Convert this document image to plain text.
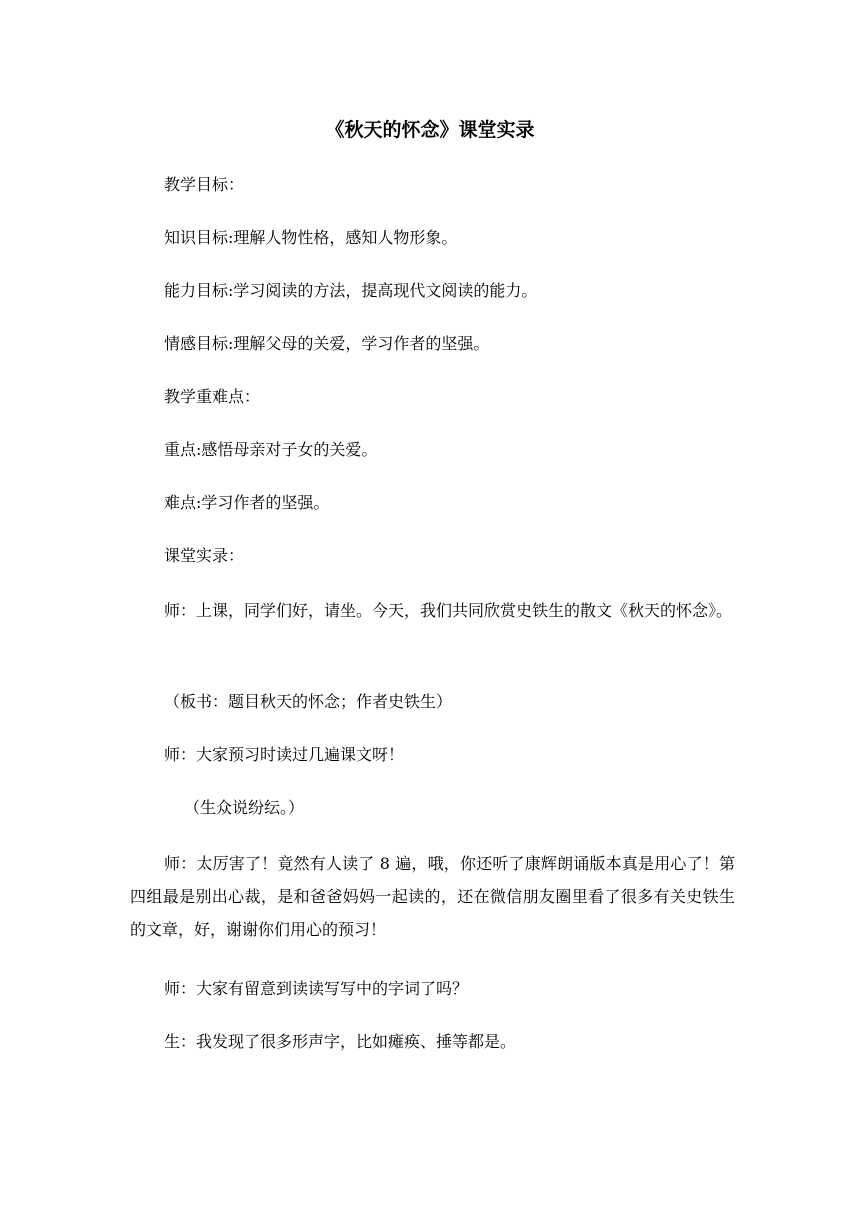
《秋天的怀念》课堂实录
教学目标：
知识目标:理解人物性格，感知人物形象。
能力目标:学习阅读的方法，提高现代文阅读的能力。
情感目标:理解父母的关爱，学习作者的坚强。
教学重难点：
重点:感悟母亲对子女的关爱。
难点:学习作者的坚强。
课堂实录：
师：上课，同学们好，请坐。今天，我们共同欣赏史铁生的散文《秋天的怀念》。
（板书：题目秋天的怀念；作者史铁生）
师：大家预习时读过几遍课文呀！
（生众说纷纭。）
师：太厉害了！竟然有人读了 8 遍，哦，你还听了康辉朗诵版本真是用心了！第四组最是别出心裁，是和爸爸妈妈一起读的，还在微信朋友圈里看了很多有关史铁生的文章，好，谢谢你们用心的预习！
师：大家有留意到读读写写中的字词了吗？
生：我发现了很多形声字，比如瘫痪、捶等都是。
